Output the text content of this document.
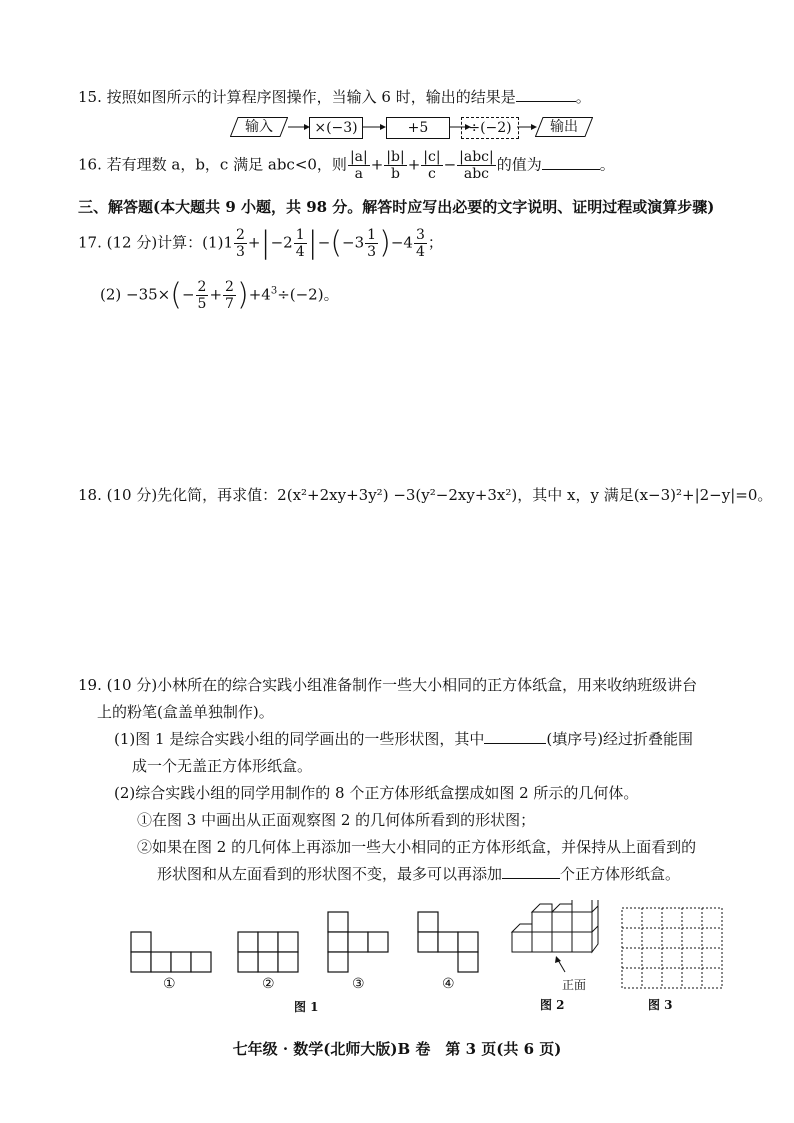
15. 按照如图所示的计算程序图操作，当输入 6 时，输出的结果是	。
输入	×(−3)	+5	÷(−2)	输出
16. 若有理数 a，b，c 满足 abc<0，则 $\frac{|a|}{a} + \frac{|b|}{b} + \frac{|c|}{c} - \frac{\text{|abc|}}{\text{abc}}$ 的值为	。
三、解答题(本大题共 9 小题，共 98 分。解答时应写出必要的文字说明、证明过程或演算步骤)
17. (12 分)计算：$(1)1 \frac{2}{3} +|-2 \frac{1}{4} |-(-3 \frac{1}{3} )-4 \frac{3}{4}$ ；
$(2) -35\times(- \frac{2}{5} + \frac{2}{7} )+4^3\div(-2)$。
18. (10 分)先化简，再求值：2(x²+2xy+3y²) −3(y²−2xy+3x²)，其中 x，y 满足(x−3)²+|2−y|=0。
19. (10 分)小林所在的综合实践小组准备制作一些大小相同的正方体纸盒，用来收纳班级讲台
上的粉笔(盒盖单独制作)。
(1)图 1 是综合实践小组的同学画出的一些形状图，其中	(填序号)经过折叠能围
成一个无盖正方体形纸盒。
(2)综合实践小组的同学用制作的 8 个正方体形纸盒摆成如图 2 所示的几何体。
①在图 3 中画出从正面观察图 2 的几何体所看到的形状图；
②如果在图 2 的几何体上再添加一些大小相同的正方体形纸盒，并保持从上面看到的
形状图和从左面看到的形状图不变，最多可以再添加	个正方体形纸盒。
①	②	③	④
图 1
正面
图 2	图 3
七年级 · 数学(北师大版)B 卷　第 3 页(共 6 页)
